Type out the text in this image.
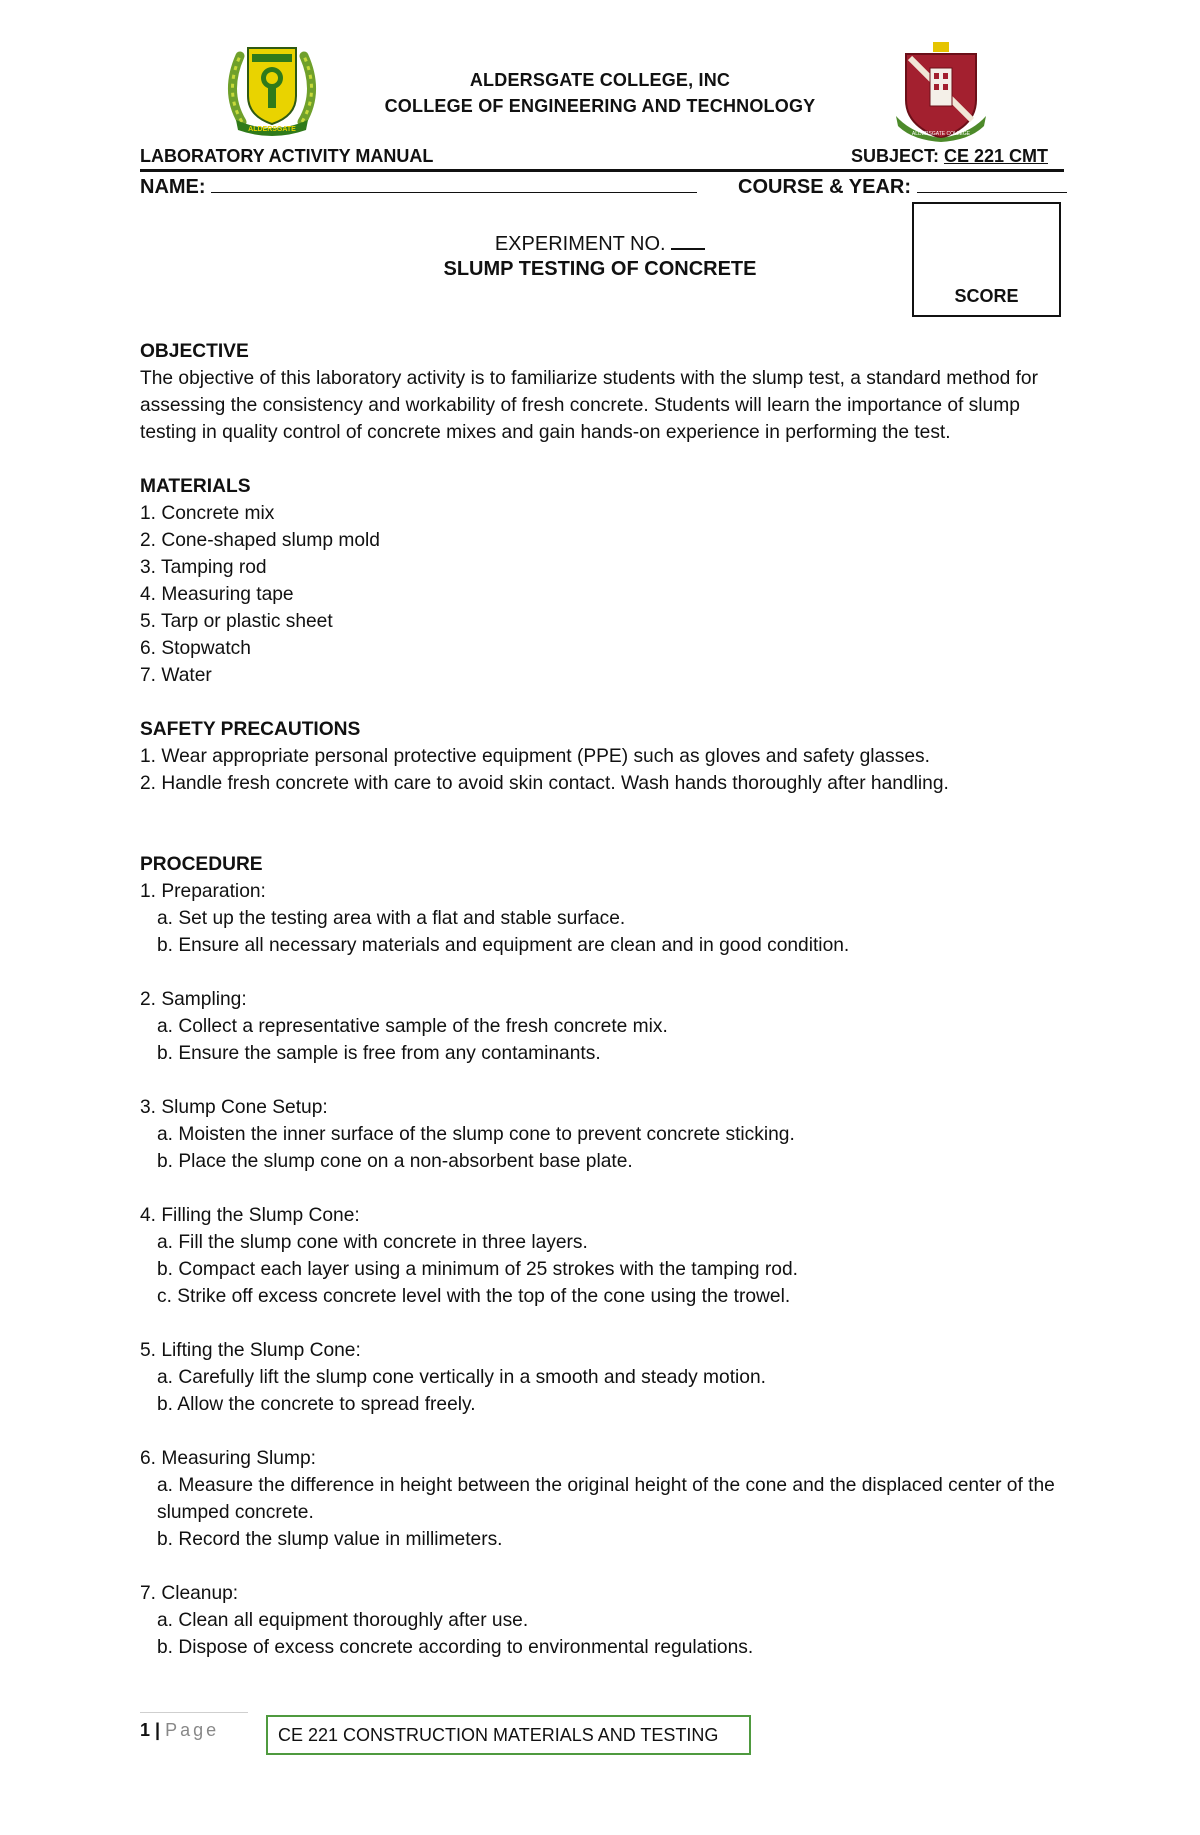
ALDERSGATE
ALDERSGATE COLLEGE
ALDERSGATE COLLEGE, INC
COLLEGE OF ENGINEERING AND TECHNOLOGY
LABORATORY ACTIVITY MANUAL	SUBJECT: CE 221 CMT
NAME:	COURSE & YEAR:
SCORE
EXPERIMENT NO.
SLUMP TESTING OF CONCRETE
OBJECTIVE
The objective of this laboratory activity is to familiarize students with the slump test, a standard method for
assessing the consistency and workability of fresh concrete. Students will learn the importance of slump
testing in quality control of concrete mixes and gain hands-on experience in performing the test.
MATERIALS
1. Concrete mix
2. Cone-shaped slump mold
3. Tamping rod
4. Measuring tape
5. Tarp or plastic sheet
6. Stopwatch
7. Water
SAFETY PRECAUTIONS
1. Wear appropriate personal protective equipment (PPE) such as gloves and safety glasses.
2. Handle fresh concrete with care to avoid skin contact. Wash hands thoroughly after handling.
PROCEDURE
1. Preparation:
a. Set up the testing area with a flat and stable surface.
b. Ensure all necessary materials and equipment are clean and in good condition.
2. Sampling:
a. Collect a representative sample of the fresh concrete mix.
b. Ensure the sample is free from any contaminants.
3. Slump Cone Setup:
a. Moisten the inner surface of the slump cone to prevent concrete sticking.
b. Place the slump cone on a non-absorbent base plate.
4. Filling the Slump Cone:
a. Fill the slump cone with concrete in three layers.
b. Compact each layer using a minimum of 25 strokes with the tamping rod.
c. Strike off excess concrete level with the top of the cone using the trowel.
5. Lifting the Slump Cone:
a. Carefully lift the slump cone vertically in a smooth and steady motion.
b. Allow the concrete to spread freely.
6. Measuring Slump:
a. Measure the difference in height between the original height of the cone and the displaced center of the
slumped concrete.
b. Record the slump value in millimeters.
7. Cleanup:
a. Clean all equipment thoroughly after use.
b. Dispose of excess concrete according to environmental regulations.
1 | Page	CE 221 CONSTRUCTION MATERIALS AND TESTING
